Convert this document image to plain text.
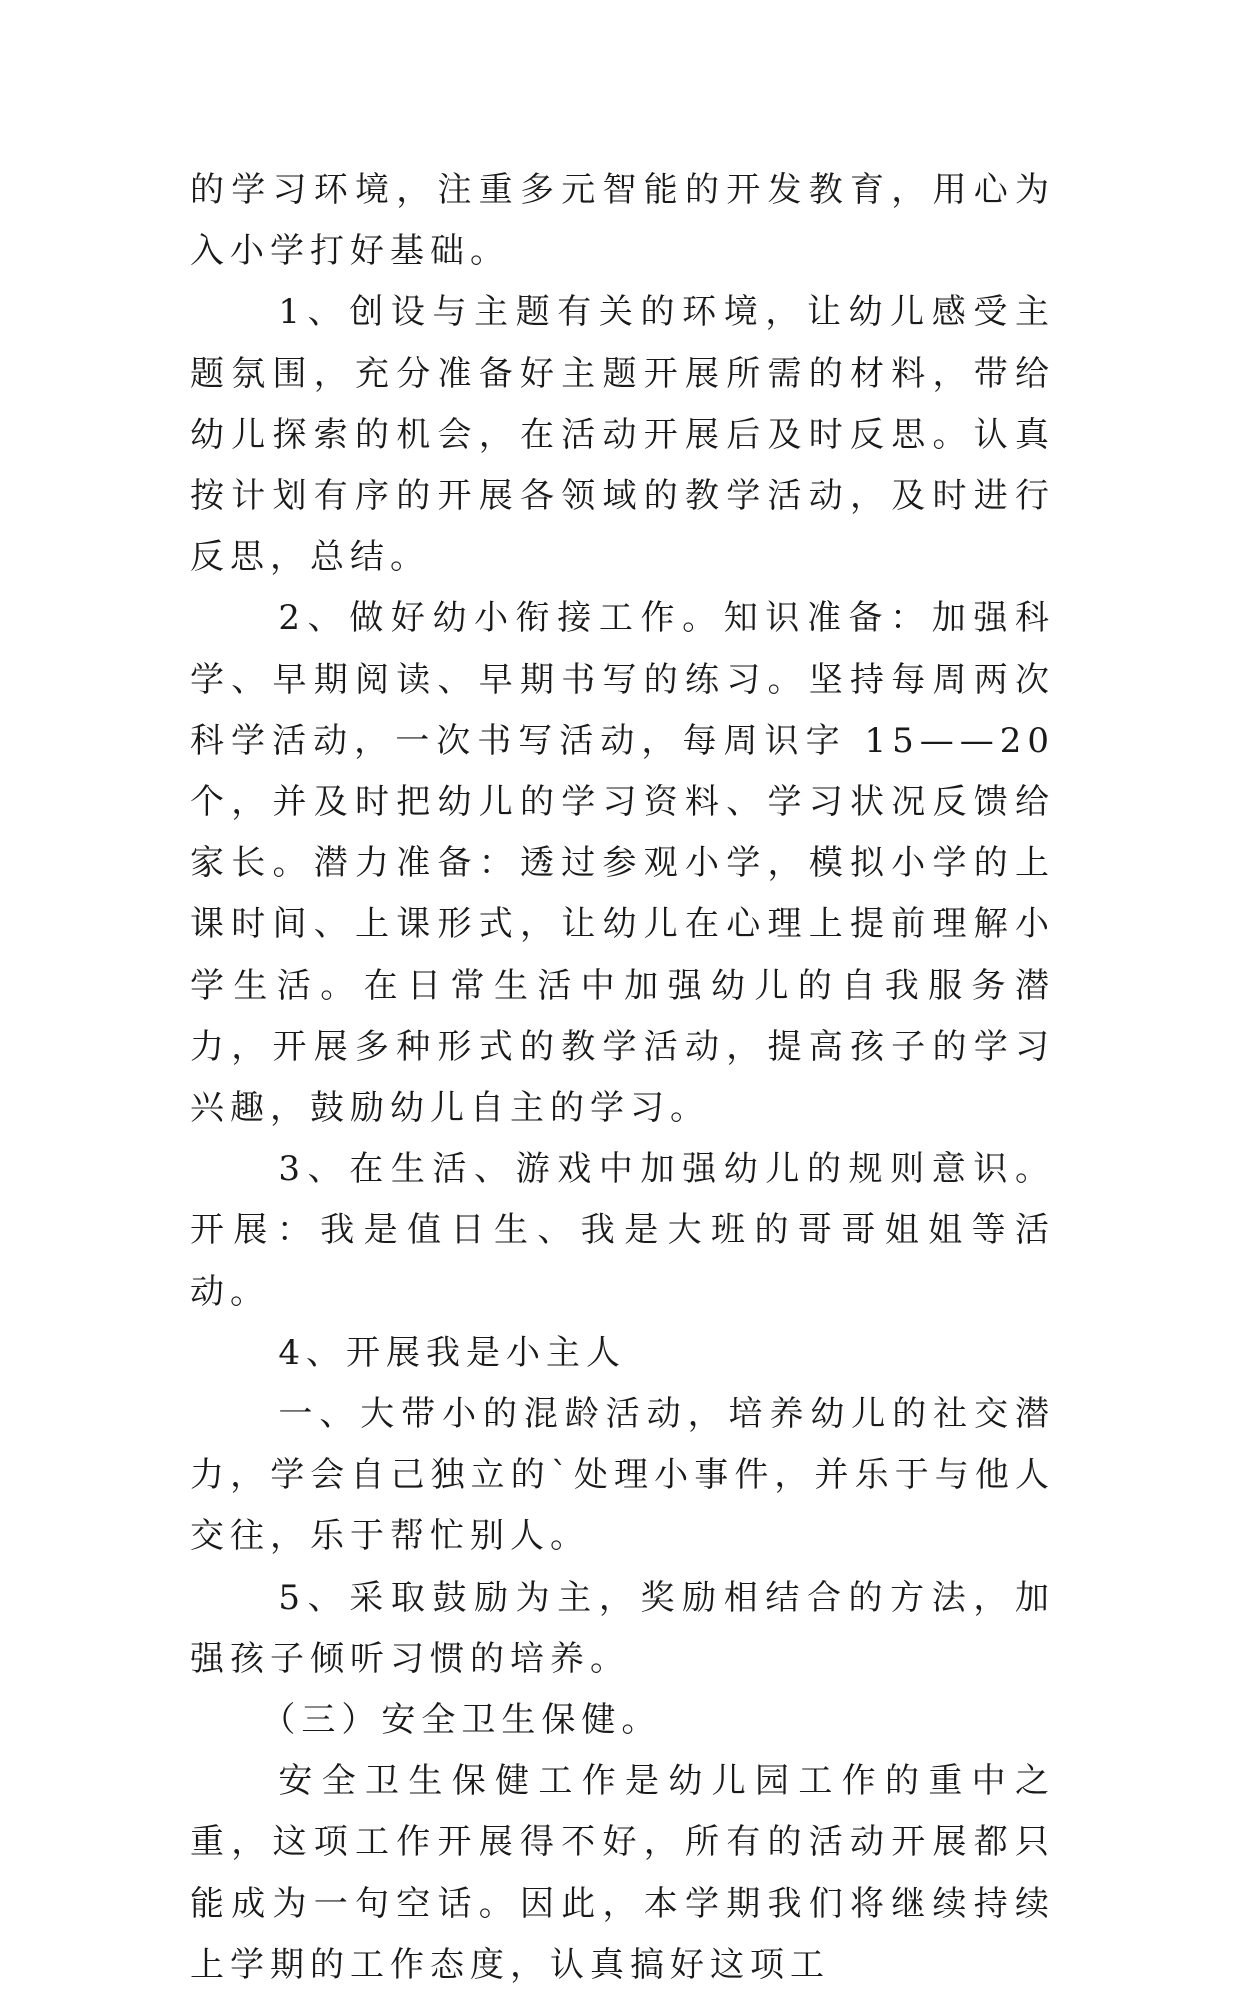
的学习环境，注重多元智能的开发教育，用心为入小学打好基础。

1、创设与主题有关的环境，让幼儿感受主题氛围，充分准备好主题开展所需的材料，带给幼儿探索的机会，在活动开展后及时反思。认真按计划有序的开展各领域的教学活动，及时进行反思，总结。

2、做好幼小衔接工作。知识准备：加强科学、早期阅读、早期书写的练习。坚持每周两次科学活动，一次书写活动，每周识字 15——20 个，并及时把幼儿的学习资料、学习状况反馈给家长。潜力准备：透过参观小学，模拟小学的上课时间、上课形式，让幼儿在心理上提前理解小学生活。在日常生活中加强幼儿的自我服务潜力，开展多种形式的教学活动，提高孩子的学习兴趣，鼓励幼儿自主的学习。

3、在生活、游戏中加强幼儿的规则意识。开展：我是值日生、我是大班的哥哥姐姐等活动。

4、开展我是小主人

一、大带小的混龄活动，培养幼儿的社交潜力，学会自己独立的`处理小事件，并乐于与他人交往，乐于帮忙别人。

5、采取鼓励为主，奖励相结合的方法，加强孩子倾听习惯的培养。

（三）安全卫生保健。

安全卫生保健工作是幼儿园工作的重中之重，这项工作开展得不好，所有的活动开展都只能成为一句空话。因此，本学期我们将继续持续上学期的工作态度，认真搞好这项工
